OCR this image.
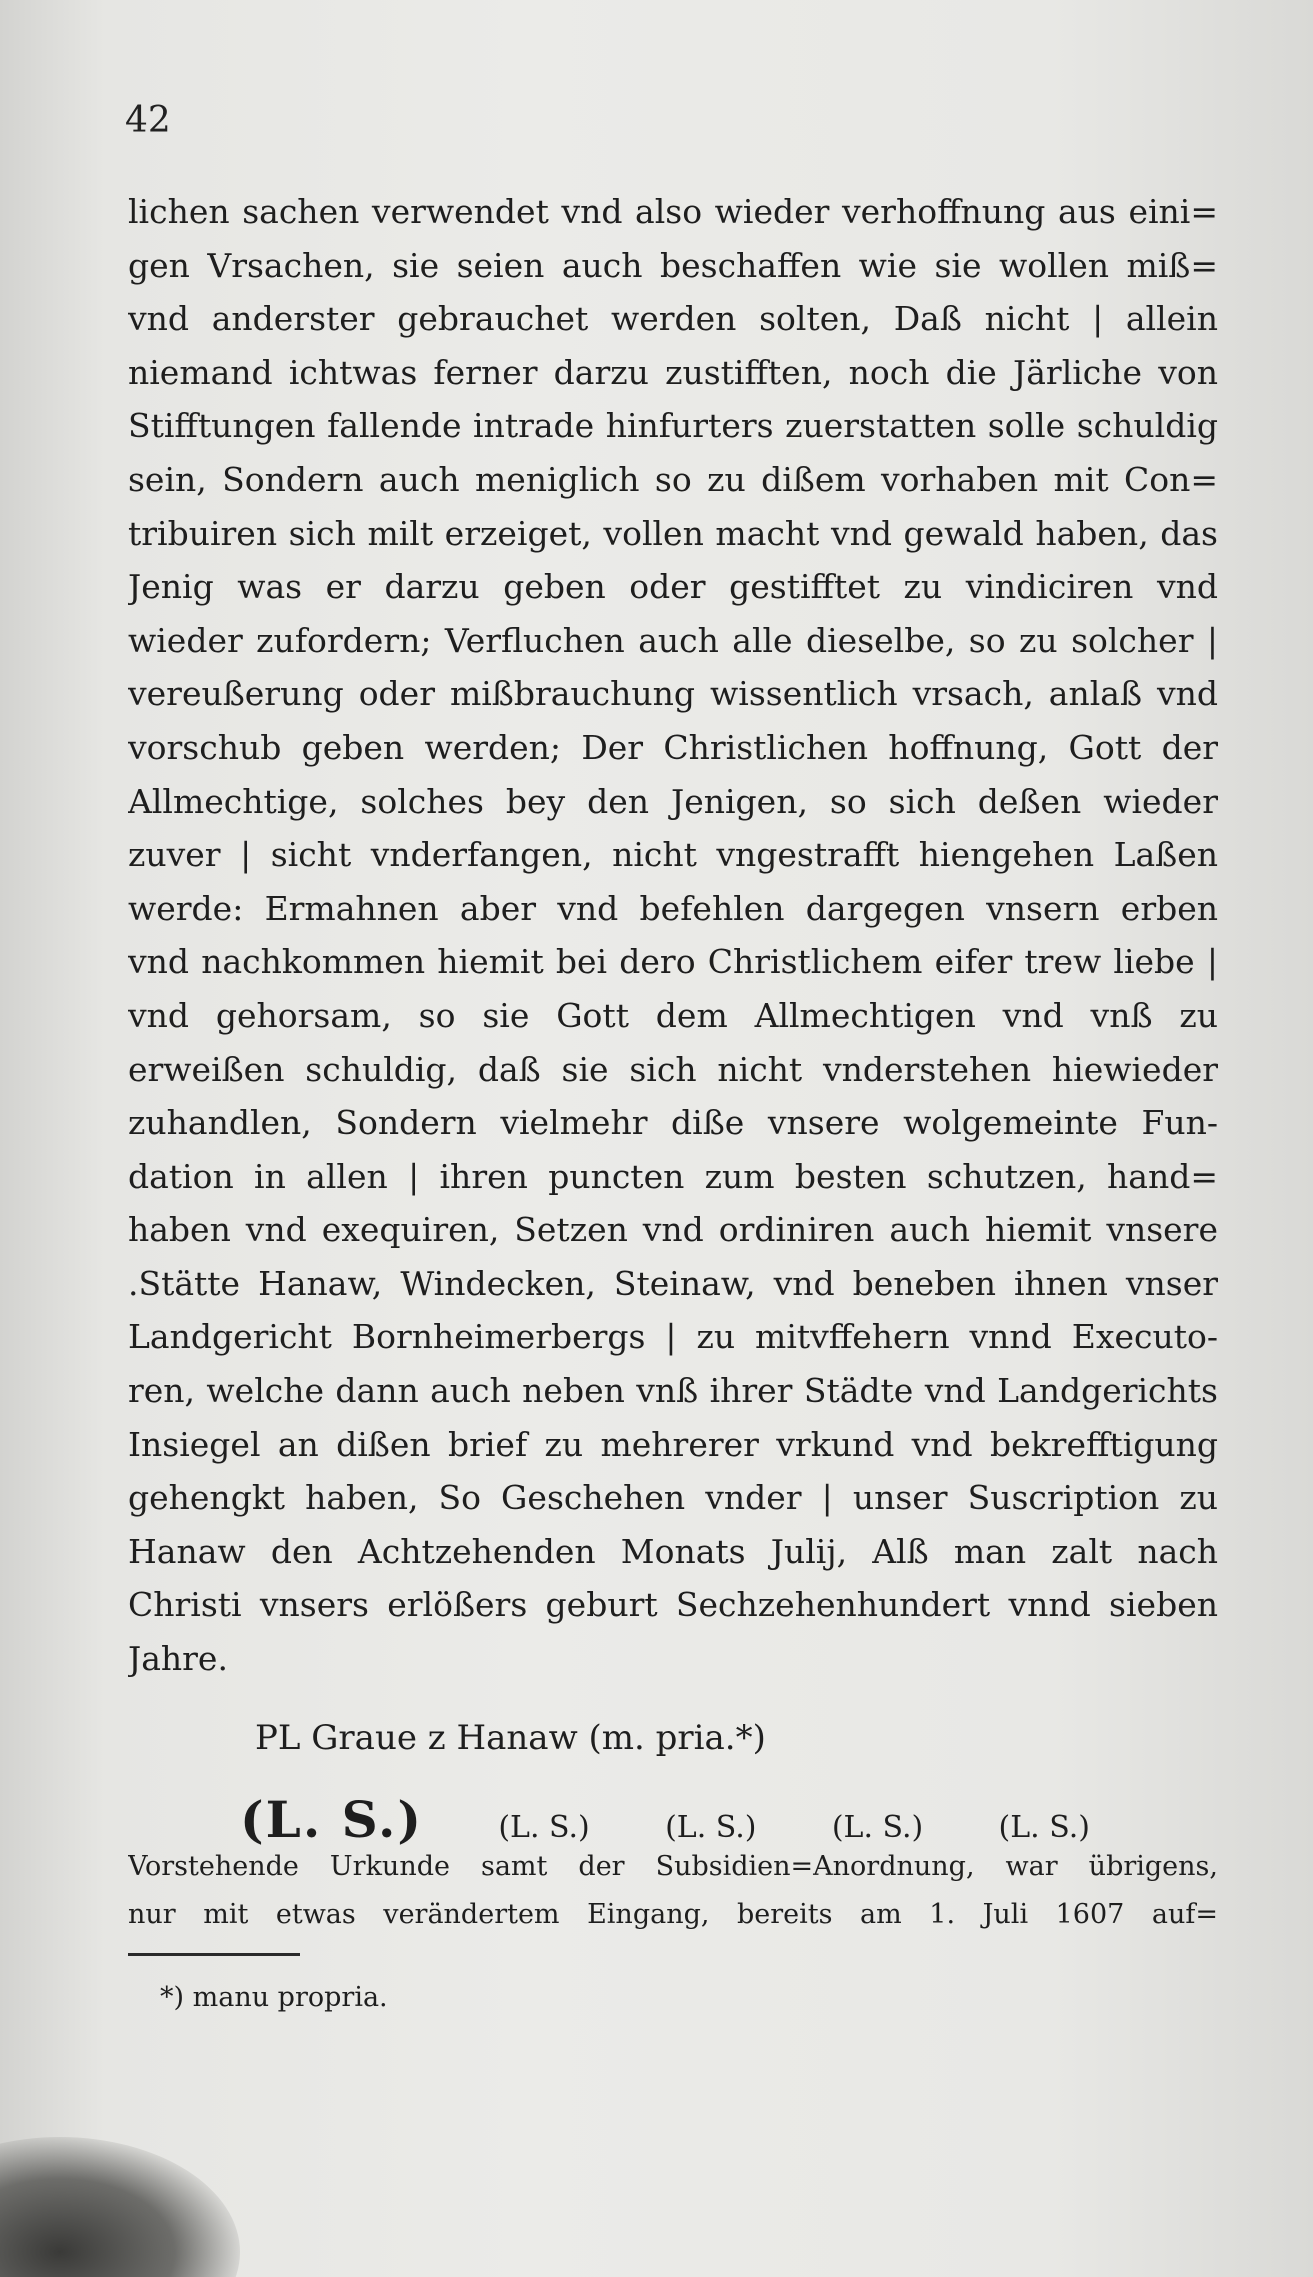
42
lichen sachen verwendet vnd also wieder verhoffnung aus eini=
gen Vrsachen, sie seien auch beschaffen wie sie wollen miß=
vnd anderster gebrauchet werden solten, Daß nicht | allein
niemand ichtwas ferner darzu zustifften, noch die Järliche von
Stifftungen fallende intrade hinfurters zuerstatten solle schuldig
sein, Sondern auch meniglich so zu dißem vorhaben mit Con=
tribuiren sich milt erzeiget, vollen macht vnd gewald haben, das
Jenig was er darzu geben oder gestifftet zu vindiciren vnd
wieder zufordern; Verfluchen auch alle dieselbe, so zu solcher |
vereußerung oder mißbrauchung wissentlich vrsach, anlaß vnd
vorschub geben werden; Der Christlichen hoffnung, Gott der
Allmechtige, solches bey den Jenigen, so sich deßen wieder
zuver | sicht vnderfangen, nicht vngestrafft hiengehen Laßen
werde: Ermahnen aber vnd befehlen dargegen vnsern erben
vnd nachkommen hiemit bei dero Christlichem eifer trew liebe |
vnd gehorsam, so sie Gott dem Allmechtigen vnd vnß zu
erweißen schuldig, daß sie sich nicht vnderstehen hiewieder
zuhandlen, Sondern vielmehr diße vnsere wolgemeinte Fun-
dation in allen | ihren puncten zum besten schutzen, hand=
haben vnd exequiren, Setzen vnd ordiniren auch hiemit vnsere
.Stätte Hanaw, Windecken, Steinaw, vnd beneben ihnen vnser
Landgericht Bornheimerbergs | zu mitvffehern vnnd Executo-
ren, welche dann auch neben vnß ihrer Städte vnd Landgerichts
Insiegel an dißen brief zu mehrerer vrkund vnd bekrefftigung
gehengkt haben, So Geschehen vnder | unser Suscription zu
Hanaw den Achtzehenden Monats Julij, Alß man zalt nach
Christi vnsers erlößers geburt Sechzehenhundert vnnd sieben
Jahre.
PL Graue z Hanaw (m. pria.*)
(L. S.)	(L. S.)	(L. S.)	(L. S.)	(L. S.)
Vorstehende Urkunde samt der Subsidien=Anordnung, war übrigens,
nur mit etwas verändertem Eingang, bereits am 1. Juli 1607 auf=
*) manu propria.
